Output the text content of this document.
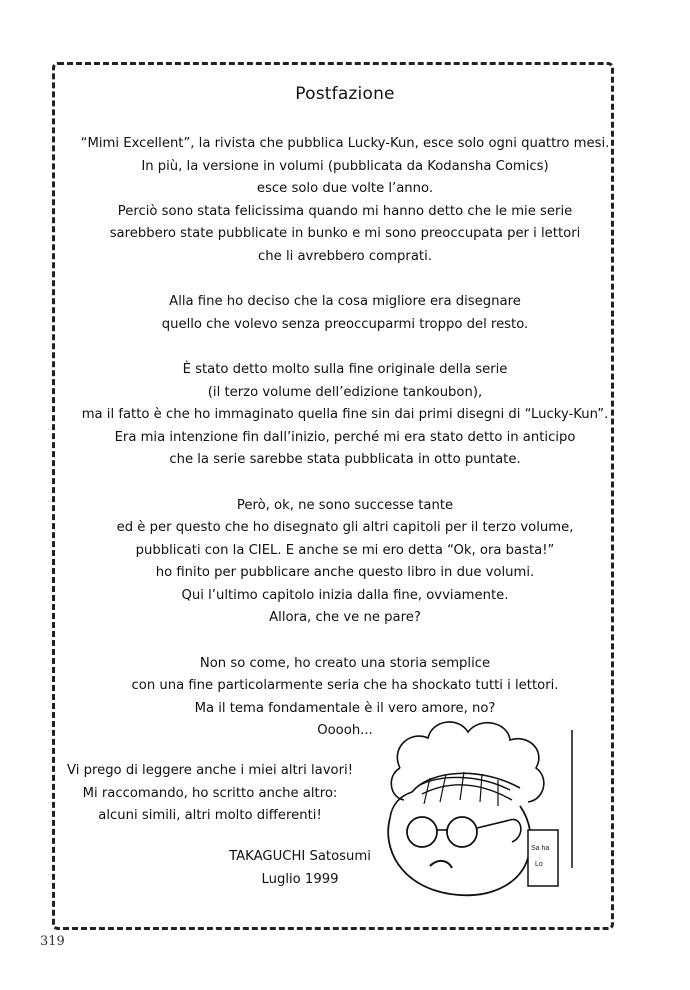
Postfazione

“Mimi Excellent”, la rivista che pubblica Lucky-Kun, esce solo ogni quattro mesi.
In più, la versione in volumi (pubblicata da Kodansha Comics)
esce solo due volte l’anno.
Perciò sono stata felicissima quando mi hanno detto che le mie serie
sarebbero state pubblicate in bunko e mi sono preoccupata per i lettori
che li avrebbero comprati.

Alla fine ho deciso che la cosa migliore era disegnare
quello che volevo senza preoccuparmi troppo del resto.

È stato detto molto sulla fine originale della serie
(il terzo volume dell’edizione tankoubon),
ma il fatto è che ho immaginato quella fine sin dai primi disegni di “Lucky-Kun”.
Era mia intenzione fin dall’inizio, perché mi era stato detto in anticipo
che la serie sarebbe stata pubblicata in otto puntate.

Però, ok, ne sono successe tante
ed è per questo che ho disegnato gli altri capitoli per il terzo volume,
pubblicati con la CIEL. E anche se mi ero detta “Ok, ora basta!”
ho finito per pubblicare anche questo libro in due volumi.
Qui l’ultimo capitolo inizia dalla fine, ovviamente.
Allora, che ve ne pare?

Non so come, ho creato una storia semplice
con una fine particolarmente seria che ha shockato tutti i lettori.
Ma il tema fondamentale è il vero amore, no?
Ooooh...

Vi prego di leggere anche i miei altri lavori!
Mi raccomando, ho scritto anche altro:
alcuni simili, altri molto differenti!
TAKAGUCHI Satosumi
Luglio 1999
Sa ha
Lo
319
